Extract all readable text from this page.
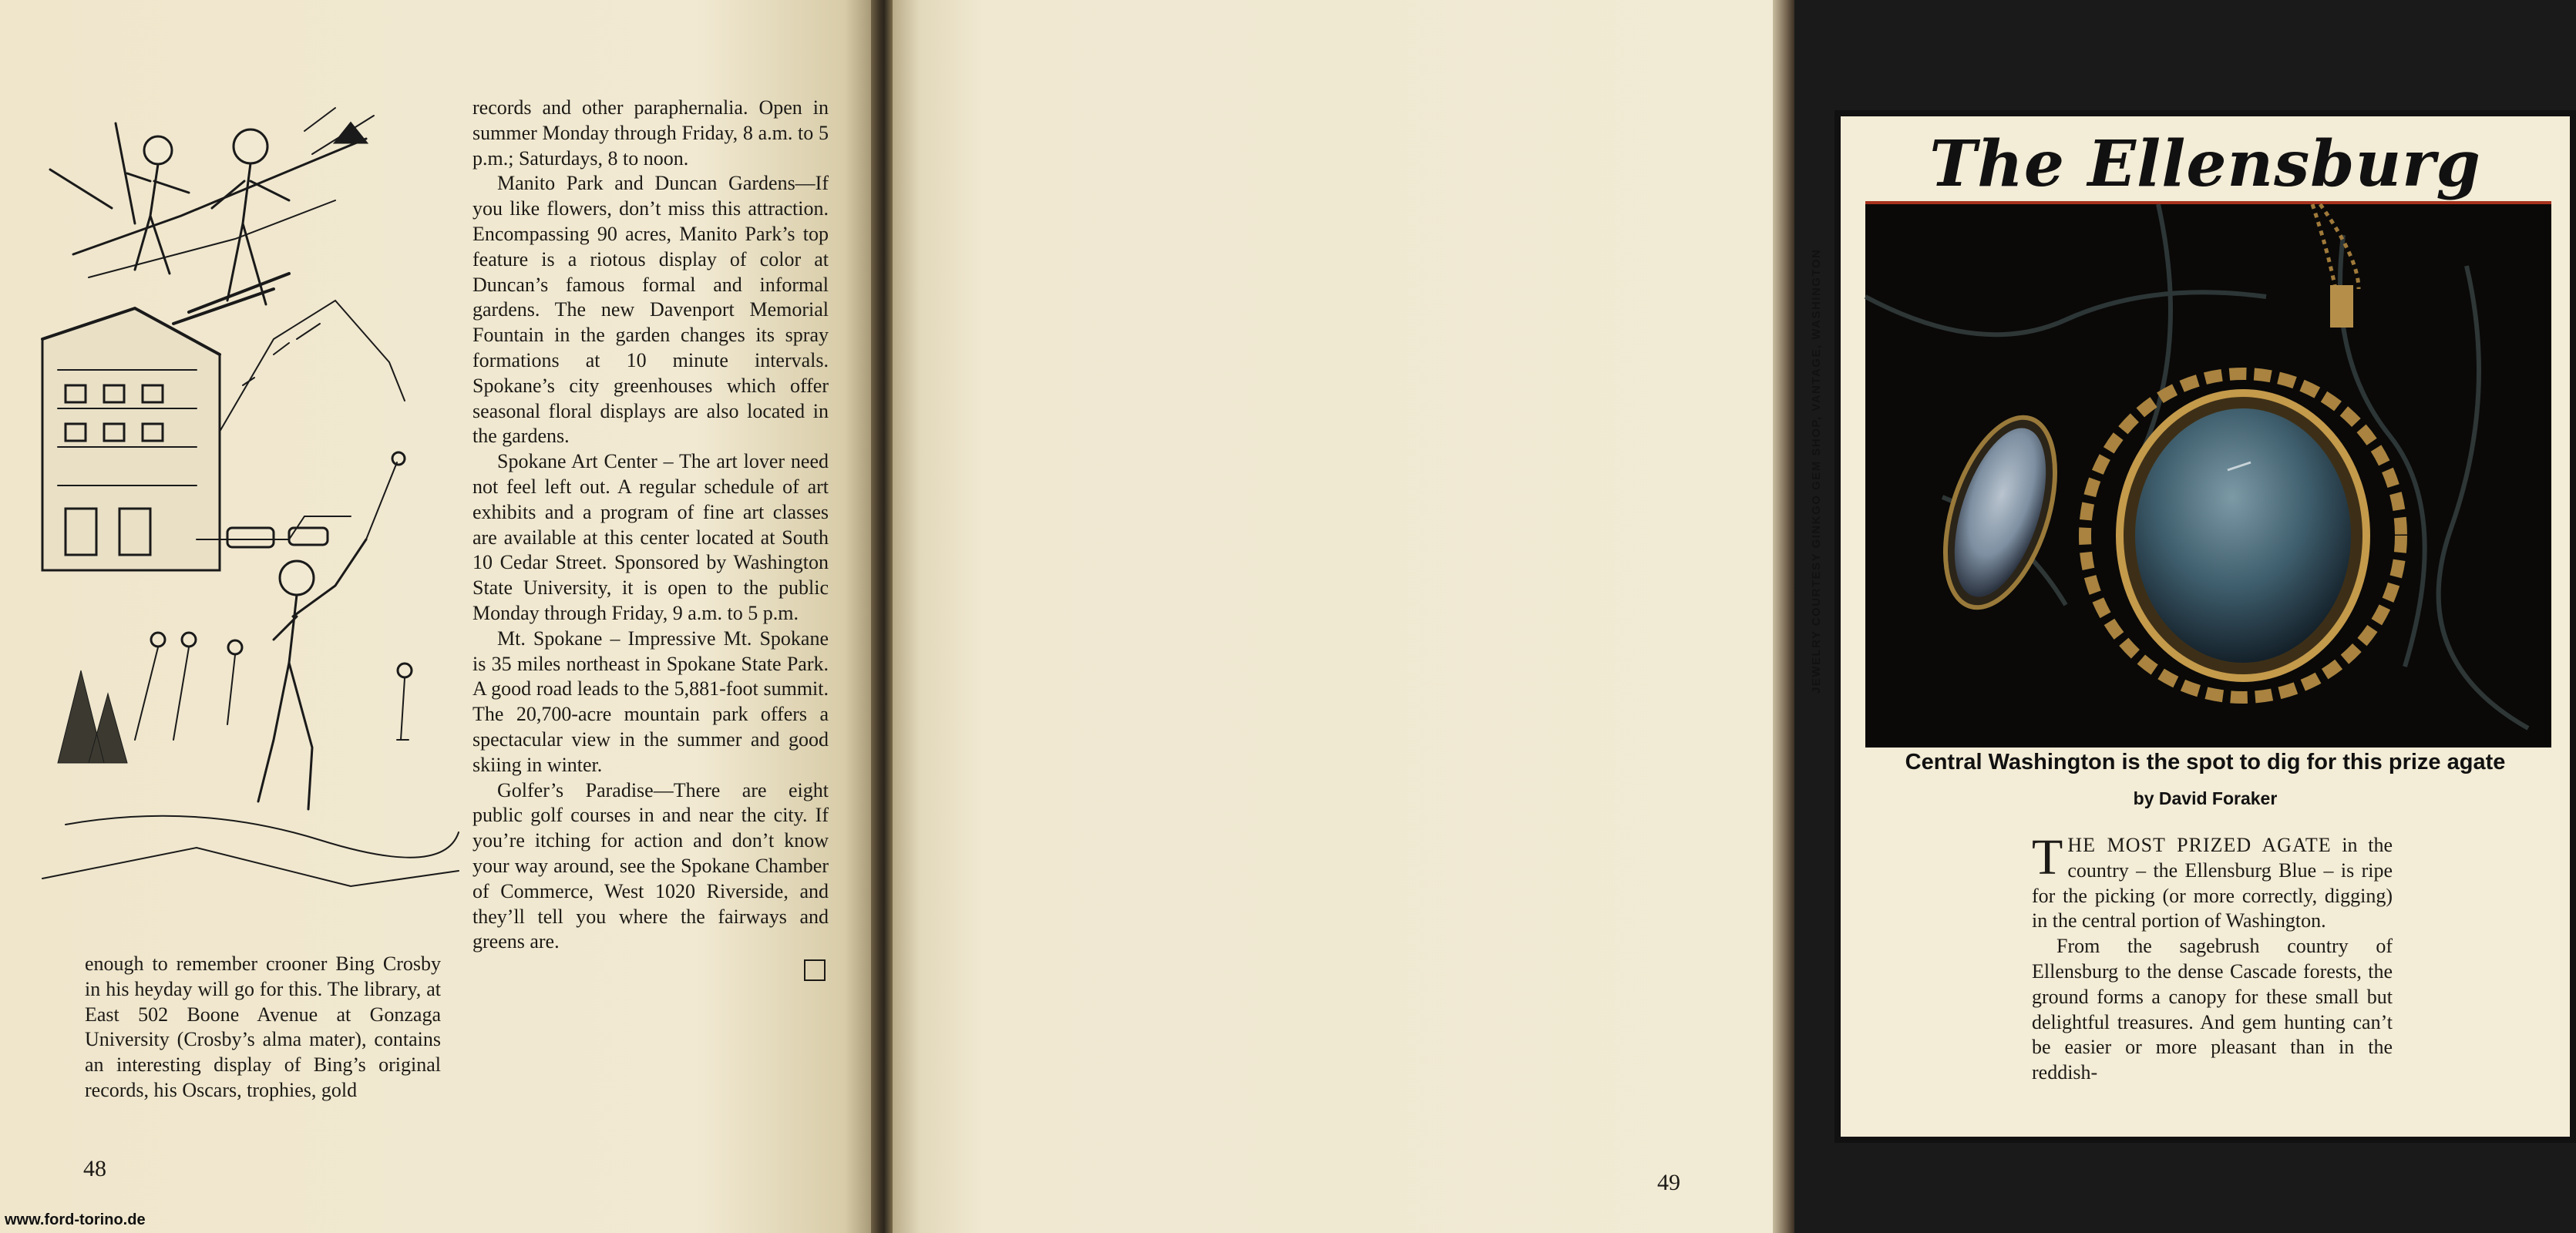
enough to remember crooner Bing Crosby in his heyday will go for this. The library, at East 502 Boone Avenue at Gonzaga University (Crosby’s alma mater), contains an interesting display of Bing’s original records, his Oscars, trophies, gold

records and other paraphernalia. Open in summer Monday through Friday, 8 a.m. to 5 p.m.; Saturdays, 8 to noon.

Manito Park and Duncan Gardens—If you like flowers, don’t miss this attraction. Encompassing 90 acres, Manito Park’s top feature is a riotous display of color at Duncan’s famous formal and informal gardens. The new Davenport Memorial Fountain in the garden changes its spray formations at 10 minute intervals. Spokane’s city greenhouses which offer seasonal floral displays are also located in the gardens.

Spokane Art Center – The art lover need not feel left out. A regular schedule of art exhibits and a program of fine art classes are available at this center located at South 10 Cedar Street. Sponsored by Washington State University, it is open to the public Monday through Friday, 9 a.m. to 5 p.m.

Mt. Spokane – Impressive Mt. Spokane is 35 miles northeast in Spokane State Park. A good road leads to the 5,881-foot summit. The 20,700-acre mountain park offers a spectacular view in the summer and good skiing in winter.

Golfer’s Paradise—There are eight public golf courses in and near the city. If you’re itching for action and don’t know your way around, see the Spokane Chamber of Commerce, West 1020 Riverside, and they’ll tell you where the fairways and greens are.

48
www.ford-torino.de
The Ellensburg
JEWELRY COURTESY GINKGO GEM SHOP, VANTAGE, WASHINGTON
Central Washington is the spot to dig for this prize agate
by David Foraker

THE MOST PRIZED AGATE in the country – the Ellensburg Blue – is ripe for the picking (or more correctly, digging) in the central portion of Washington.

From the sagebrush country of Ellensburg to the dense Cascade forests, the ground forms a canopy for these small but delightful treasures. And gem hunting can’t be easier or more pleasant than in the reddish-

49
